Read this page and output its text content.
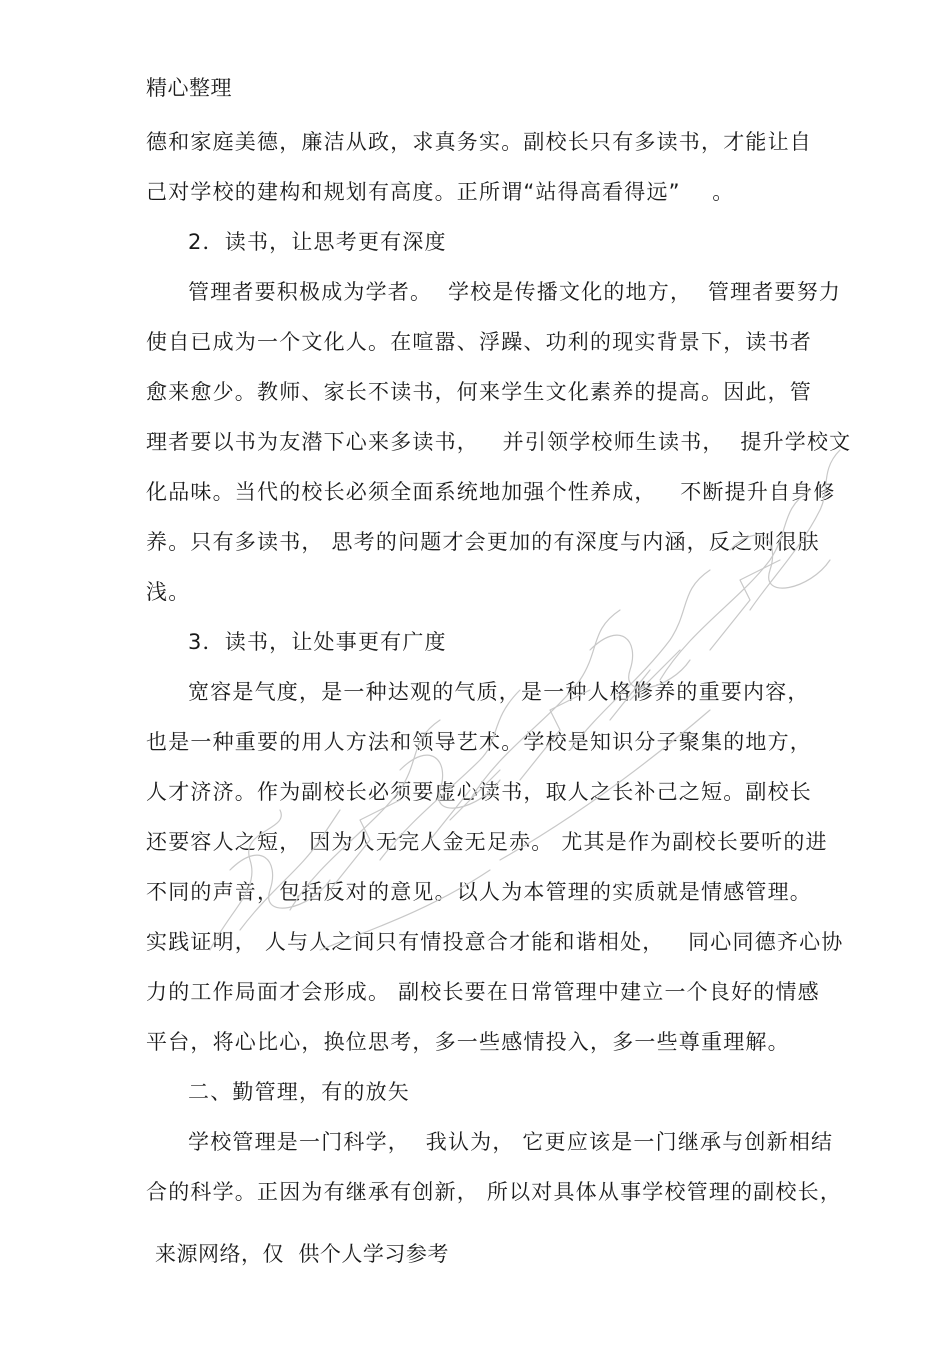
精心整理
德和家庭美德，廉洁从政，求真务实。副校长只有多读书，才能让自
己对学校的建构和规划有高度。正所谓“站得高看得远”    。
2．读书，让思考更有深度
管理者要积极成为学者。  学校是传播文化的地方，  管理者要努力
使自已成为一个文化人。在喧嚣、浮躁、功利的现实背景下，读书者
愈来愈少。教师、家长不读书，何来学生文化素养的提高。因此，管
理者要以书为友潜下心来多读书，   并引领学校师生读书，  提升学校文
化品味。当代的校长必须全面系统地加强个性养成，   不断提升自身修
养。只有多读书， 思考的问题才会更加的有深度与内涵，反之则很肤
浅。
3．读书，让处事更有广度
宽容是气度，是一种达观的气质，是一种人格修养的重要内容，
也是一种重要的用人方法和领导艺术。学校是知识分子聚集的地方，
人才济济。作为副校长必须要虚心读书，取人之长补己之短。副校长
还要容人之短， 因为人无完人金无足赤。 尤其是作为副校长要听的进
不同的声音，包括反对的意见。以人为本管理的实质就是情感管理。
实践证明， 人与人之间只有情投意合才能和谐相处，   同心同德齐心协
力的工作局面才会形成。 副校长要在日常管理中建立一个良好的情感
平台，将心比心，换位思考，多一些感情投入，多一些尊重理解。
二、勤管理，有的放矢
学校管理是一门科学，  我认为， 它更应该是一门继承与创新相结
合的科学。正因为有继承有创新， 所以对具体从事学校管理的副校长，
来源网络，仅  供个人学习参考
